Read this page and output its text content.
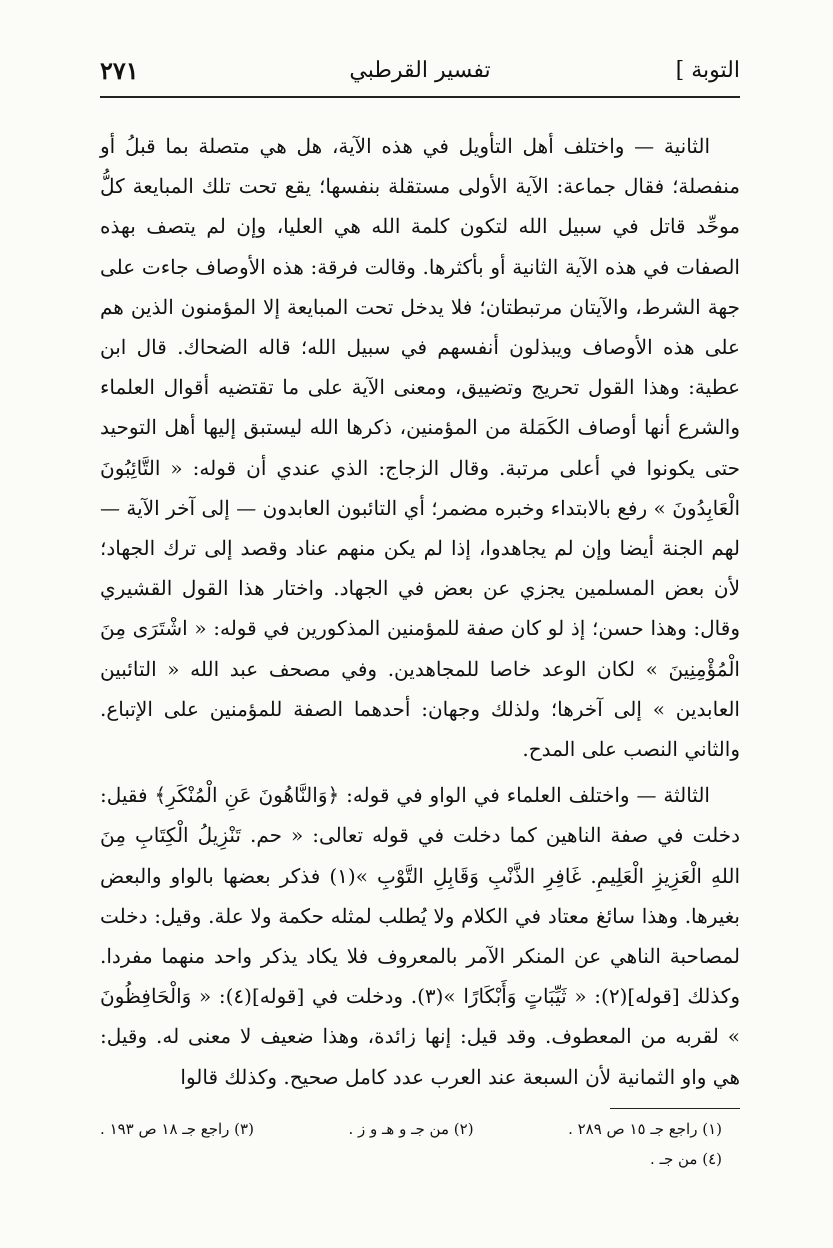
التوبة ]
تفسير القرطبي
٢٧١

الثانية — واختلف أهل التأويل في هذه الآية، هل هي متصلة بما قبلُ أو منفصلة؛ فقال جماعة: الآية الأولى مستقلة بنفسها؛ يقع تحت تلك المبايعة كلُّ موحِّد قاتل في سبيل الله لتكون كلمة الله هي العليا، وإن لم يتصف بهذه الصفات في هذه الآية الثانية أو بأكثرها. وقالت فرقة: هذه الأوصاف جاءت على جهة الشرط، والآيتان مرتبطتان؛ فلا يدخل تحت المبايعة إلا المؤمنون الذين هم على هذه الأوصاف ويبذلون أنفسهم في سبيل الله؛ قاله الضحاك. قال ابن عطية: وهذا القول تحريج وتضييق، ومعنى الآية على ما تقتضيه أقوال العلماء والشرع أنها أوصاف الكَمَلة من المؤمنين، ذكرها الله ليستبق إليها أهل التوحيد حتى يكونوا في أعلى مرتبة. وقال الزجاج: الذي عندي أن قوله: « التَّائِبُونَ الْعَابِدُونَ » رفع بالابتداء وخبره مضمر؛ أي التائبون العابدون — إلى آخر الآية — لهم الجنة أيضا وإن لم يجاهدوا، إذا لم يكن منهم عناد وقصد إلى ترك الجهاد؛ لأن بعض المسلمين يجزي عن بعض في الجهاد. واختار هذا القول القشيري وقال: وهذا حسن؛ إذ لو كان صفة للمؤمنين المذكورين في قوله: « اشْتَرَى مِنَ الْمُؤْمِنِينَ » لكان الوعد خاصا للمجاهدين. وفي مصحف عبد الله « التائبين العابدين » إلى آخرها؛ ولذلك وجهان: أحدهما الصفة للمؤمنين على الإتباع. والثاني النصب على المدح.

الثالثة — واختلف العلماء في الواو في قوله: ﴿وَالنَّاهُونَ عَنِ الْمُنْكَرِ﴾ فقيل: دخلت في صفة الناهين كما دخلت في قوله تعالى: « حم. تَنْزِيلُ الْكِتَابِ مِنَ اللهِ الْعَزِيزِ الْعَلِيمِ. غَافِرِ الذَّنْبِ وَقَابِلِ التَّوْبِ »(١) فذكر بعضها بالواو والبعض بغيرها. وهذا سائغ معتاد في الكلام ولا يُطلب لمثله حكمة ولا علة. وقيل: دخلت لمصاحبة الناهي عن المنكر الآمر بالمعروف فلا يكاد يذكر واحد منهما مفردا. وكذلك [قوله](٢): « ثَيِّبَاتٍ وَأَبْكَارًا »(٣). ودخلت في [قوله](٤): « وَالْحَافِظُونَ » لقربه من المعطوف. وقد قيل: إنها زائدة، وهذا ضعيف لا معنى له. وقيل: هي واو الثمانية لأن السبعة عند العرب عدد كامل صحيح. وكذلك قالوا

(١) راجع جـ ١٥ ص ٢٨٩ .
(٢) من جـ و هـ و ز .
(٣) راجع جـ ١٨ ص ١٩٣ .
(٤) من جـ .
